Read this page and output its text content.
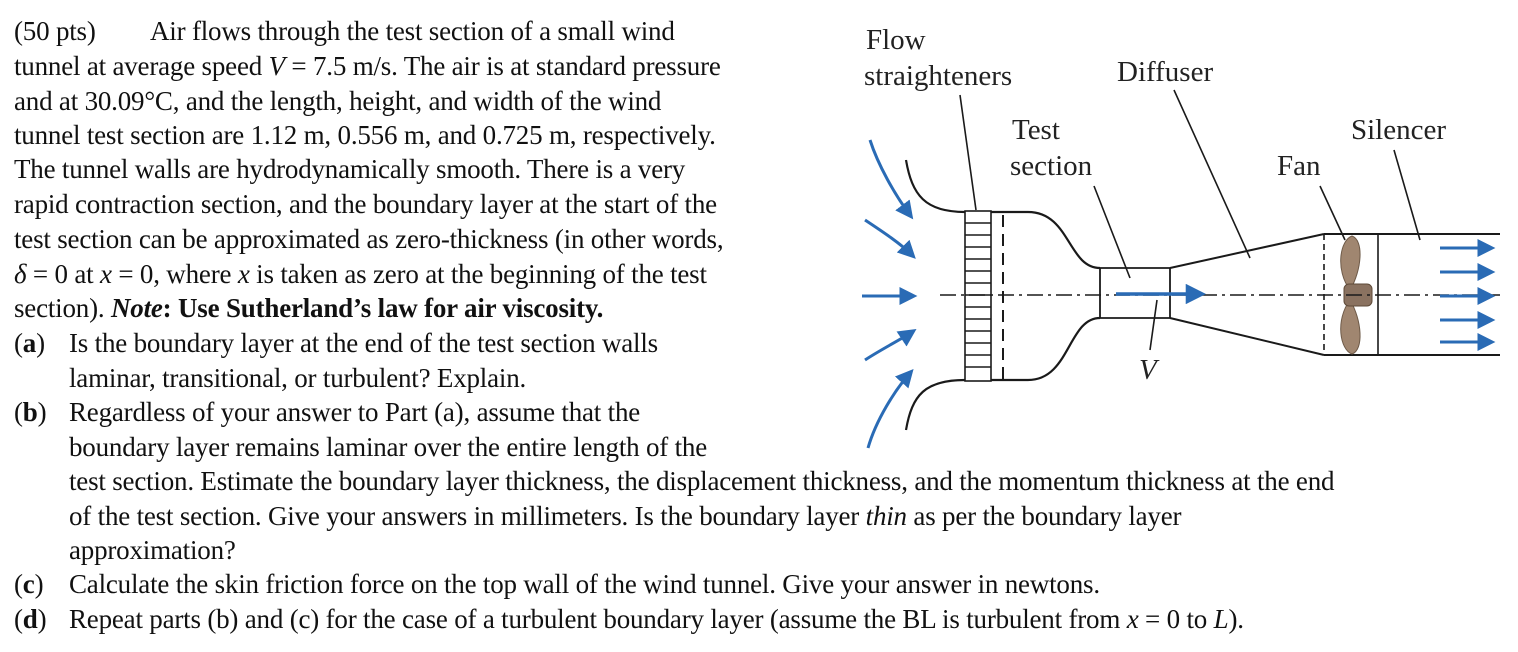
(50 pts) Air flows through the test section of a small wind
tunnel at average speed V = 7.5 m/s. The air is at standard pressure
and at 30.09°C, and the length, height, and width of the wind
tunnel test section are 1.12 m, 0.556 m, and 0.725 m, respectively.
The tunnel walls are hydrodynamically smooth. There is a very
rapid contraction section, and the boundary layer at the start of the
test section can be approximated as zero-thickness (in other words,
δ = 0 at x = 0, where x is taken as zero at the beginning of the test
section). Note: Use Sutherland’s law for air viscosity.
(a) Is the boundary layer at the end of the test section walls
laminar, transitional, or turbulent? Explain.
(b) Regardless of your answer to Part (a), assume that the
boundary layer remains laminar over the entire length of the
test section. Estimate the boundary layer thickness, the displacement thickness, and the momentum thickness at the end
of the test section. Give your answers in millimeters. Is the boundary layer thin as per the boundary layer
approximation?
(c) Calculate the skin friction force on the top wall of the wind tunnel. Give your answer in newtons.
(d) Repeat parts (b) and (c) for the case of a turbulent boundary layer (assume the BL is turbulent from x = 0 to L).
Flow
straighteners	Diffuser
Test
section
Silencer
Fan
V
